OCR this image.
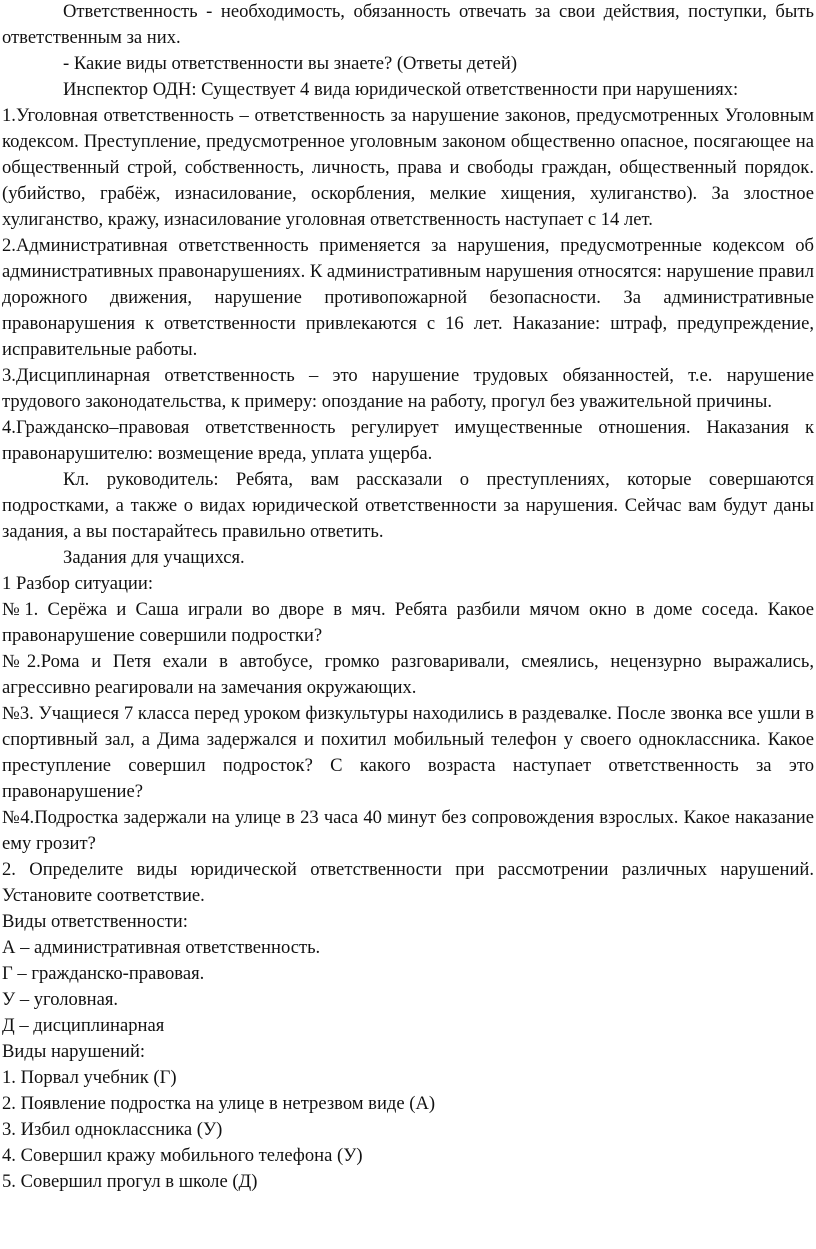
Ответственность - необходимость, обязанность отвечать за свои действия, поступки, быть ответственным за них.

- Какие виды ответственности вы знаете? (Ответы детей)

Инспектор ОДН: Существует 4 вида юридической ответственности при нарушениях:

1.Уголовная ответственность – ответственность за нарушение законов, предусмотренных Уголовным кодексом. Преступление, предусмотренное уголовным законом общественно опасное, посягающее на общественный строй, собственность, личность, права и свободы граждан, общественный порядок. (убийство, грабёж, изнасилование, оскорбления, мелкие хищения, хулиганство). За злостное хулиганство, кражу, изнасилование уголовная ответственность наступает с 14 лет.

2.Административная ответственность применяется за нарушения, предусмотренные кодексом об административных правонарушениях. К административным нарушения относятся: нарушение правил дорожного движения, нарушение противопожарной безопасности. За административные правонарушения к ответственности привлекаются с 16 лет. Наказание: штраф, предупреждение, исправительные работы.

3.Дисциплинарная ответственность – это нарушение трудовых обязанностей, т.е. нарушение трудового законодательства, к примеру: опоздание на работу, прогул без уважительной причины.

4.Гражданско–правовая ответственность регулирует имущественные отношения. Наказания к правонарушителю: возмещение вреда, уплата ущерба.

Кл. руководитель: Ребята, вам рассказали о преступлениях, которые совершаются подростками, а также о видах юридической ответственности за нарушения. Сейчас вам будут даны задания, а вы постарайтесь правильно ответить.

Задания для учащихся.

1 Разбор ситуации:

№1. Серёжа и Саша играли во дворе в мяч. Ребята разбили мячом окно в доме соседа. Какое правонарушение совершили подростки?

№2.Рома и Петя ехали в автобусе, громко разговаривали, смеялись, нецензурно выражались, агрессивно реагировали на замечания окружающих.

№3. Учащиеся 7 класса перед уроком физкультуры находились в раздевалке. После звонка все ушли в спортивный зал, а Дима задержался и похитил мобильный телефон у своего одноклассника. Какое преступление совершил подросток? С какого возраста наступает ответственность за это правонарушение?

№4.Подростка задержали на улице в 23 часа 40 минут без сопровождения взрослых. Какое наказание ему грозит?

2. Определите виды юридической ответственности при рассмотрении различных нарушений. Установите соответствие.

Виды ответственности:

А – административная ответственность.

Г – гражданско-правовая.

У – уголовная.

Д – дисциплинарная

Виды нарушений:

1. Порвал учебник (Г)

2. Появление подростка на улице в нетрезвом виде (А)

3. Избил одноклассника (У)

4. Совершил кражу мобильного телефона (У)

5. Совершил прогул в школе (Д)
